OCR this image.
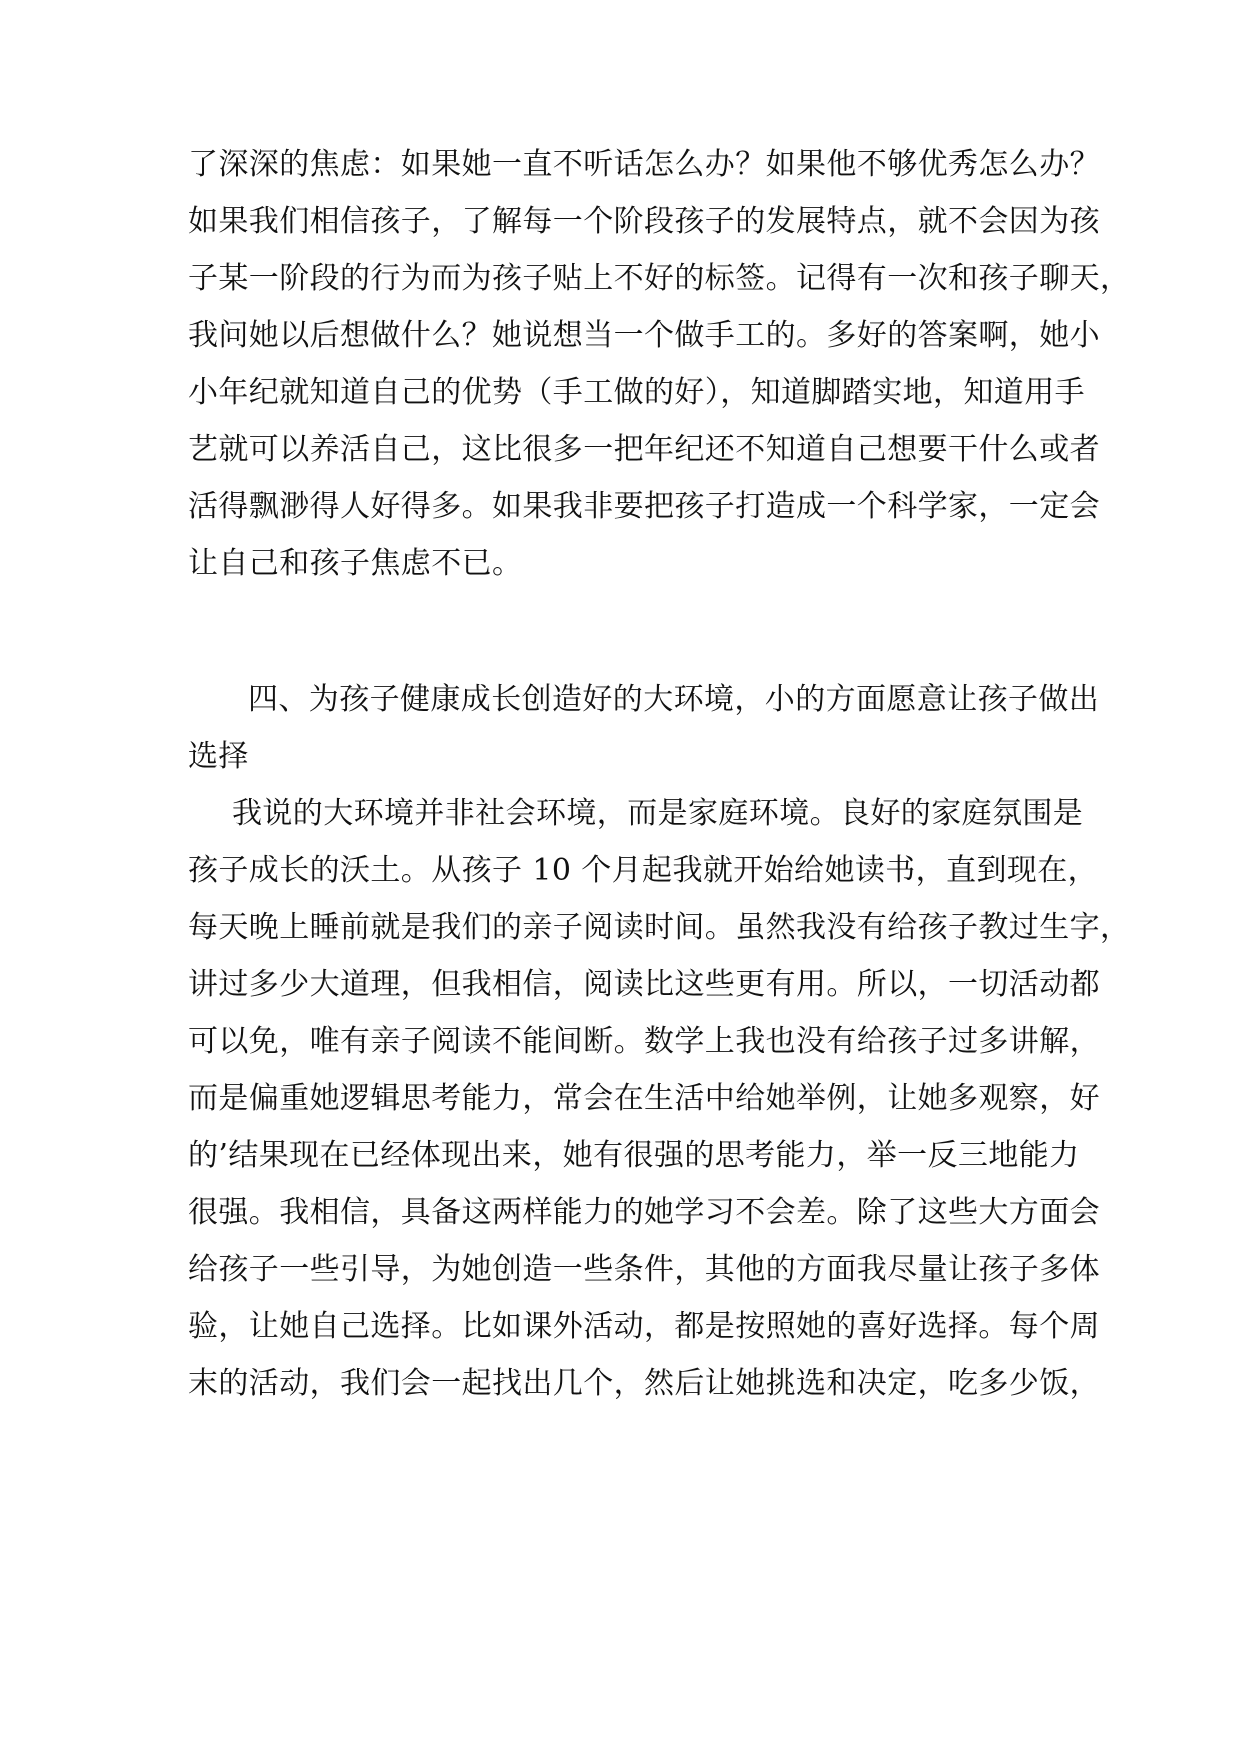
了深深的焦虑：如果她一直不听话怎么办？如果他不够优秀怎么办？
如果我们相信孩子，了解每一个阶段孩子的发展特点，就不会因为孩
子某一阶段的行为而为孩子贴上不好的标签。记得有一次和孩子聊天，
我问她以后想做什么？她说想当一个做手工的。多好的答案啊，她小
小年纪就知道自己的优势（手工做的好），知道脚踏实地，知道用手
艺就可以养活自己，这比很多一把年纪还不知道自己想要干什么或者
活得飘渺得人好得多。如果我非要把孩子打造成一个科学家，一定会
让自己和孩子焦虑不已。
四、为孩子健康成长创造好的大环境，小的方面愿意让孩子做出
选择
我说的大环境并非社会环境，而是家庭环境。良好的家庭氛围是
孩子成长的沃土。从孩子 10 个月起我就开始给她读书，直到现在，
每天晚上睡前就是我们的亲子阅读时间。虽然我没有给孩子教过生字，
讲过多少大道理，但我相信，阅读比这些更有用。所以，一切活动都
可以免，唯有亲子阅读不能间断。数学上我也没有给孩子过多讲解，
而是偏重她逻辑思考能力，常会在生活中给她举例，让她多观察，好
的’结果现在已经体现出来，她有很强的思考能力，举一反三地能力
很强。我相信，具备这两样能力的她学习不会差。除了这些大方面会
给孩子一些引导，为她创造一些条件，其他的方面我尽量让孩子多体
验，让她自己选择。比如课外活动，都是按照她的喜好选择。每个周
末的活动，我们会一起找出几个，然后让她挑选和决定，吃多少饭，
